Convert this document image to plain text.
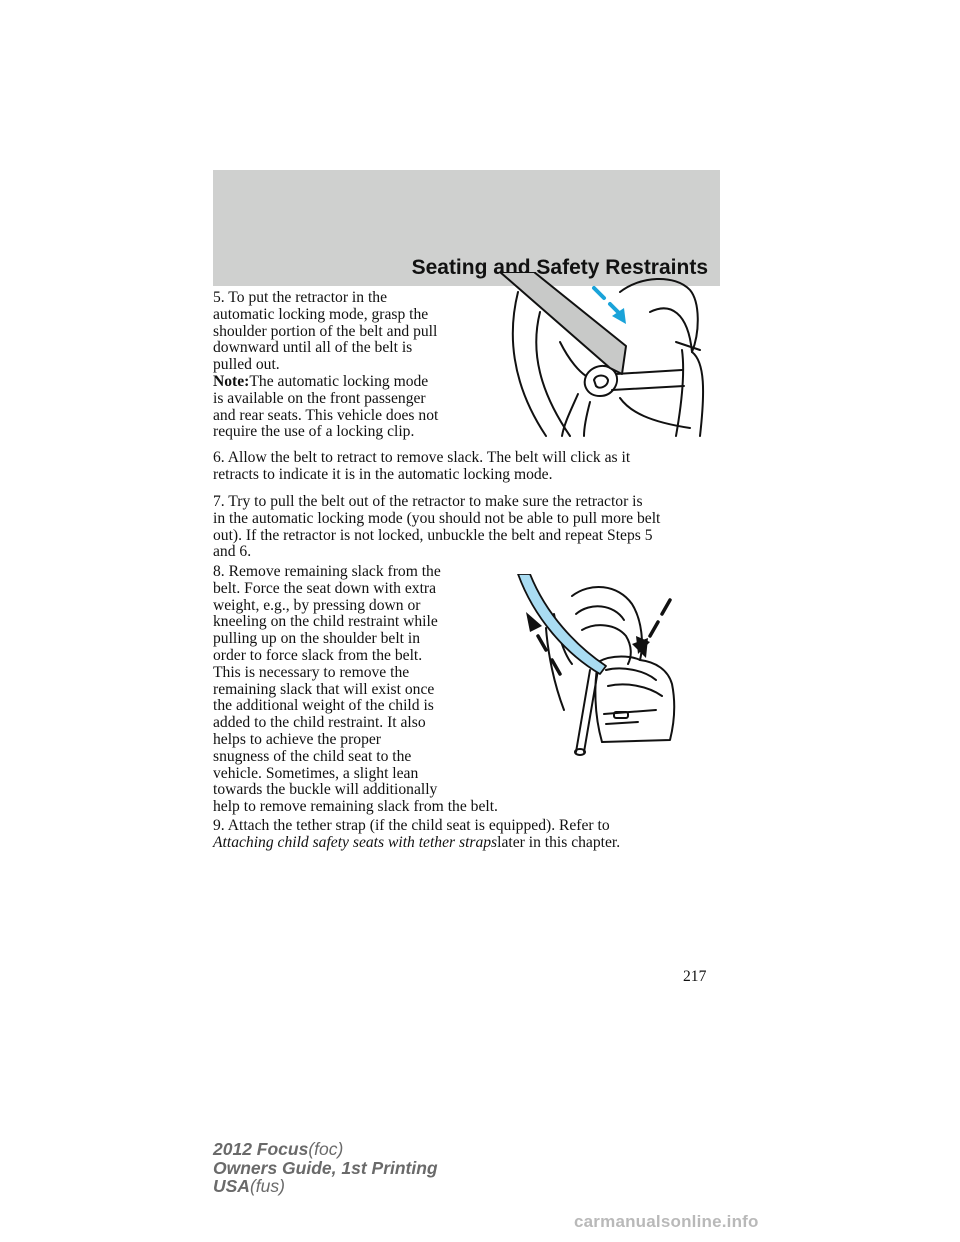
Seating and Safety Restraints
5. To put the retractor in the
automatic locking mode, grasp the
shoulder portion of the belt and pull
downward until all of the belt is
pulled out.
Note:The automatic locking mode
is available on the front passenger
and rear seats. This vehicle does not
require the use of a locking clip.
6. Allow the belt to retract to remove slack. The belt will click as it
retracts to indicate it is in the automatic locking mode.
7. Try to pull the belt out of the retractor to make sure the retractor is
in the automatic locking mode (you should not be able to pull more belt
out). If the retractor is not locked, unbuckle the belt and repeat Steps 5
and 6.
8. Remove remaining slack from the
belt. Force the seat down with extra
weight, e.g., by pressing down or
kneeling on the child restraint while
pulling up on the shoulder belt in
order to force slack from the belt.
This is necessary to remove the
remaining slack that will exist once
the additional weight of the child is
added to the child restraint. It also
helps to achieve the proper
snugness of the child seat to the
vehicle. Sometimes, a slight lean
towards the buckle will additionally
help to remove remaining slack from the belt.
9. Attach the tether strap (if the child seat is equipped). Refer to
Attaching child safety seats with tether strapslater in this chapter.
217
2012 Focus(foc)
Owners Guide, 1st Printing
USA(fus)
carmanualsonline.info
